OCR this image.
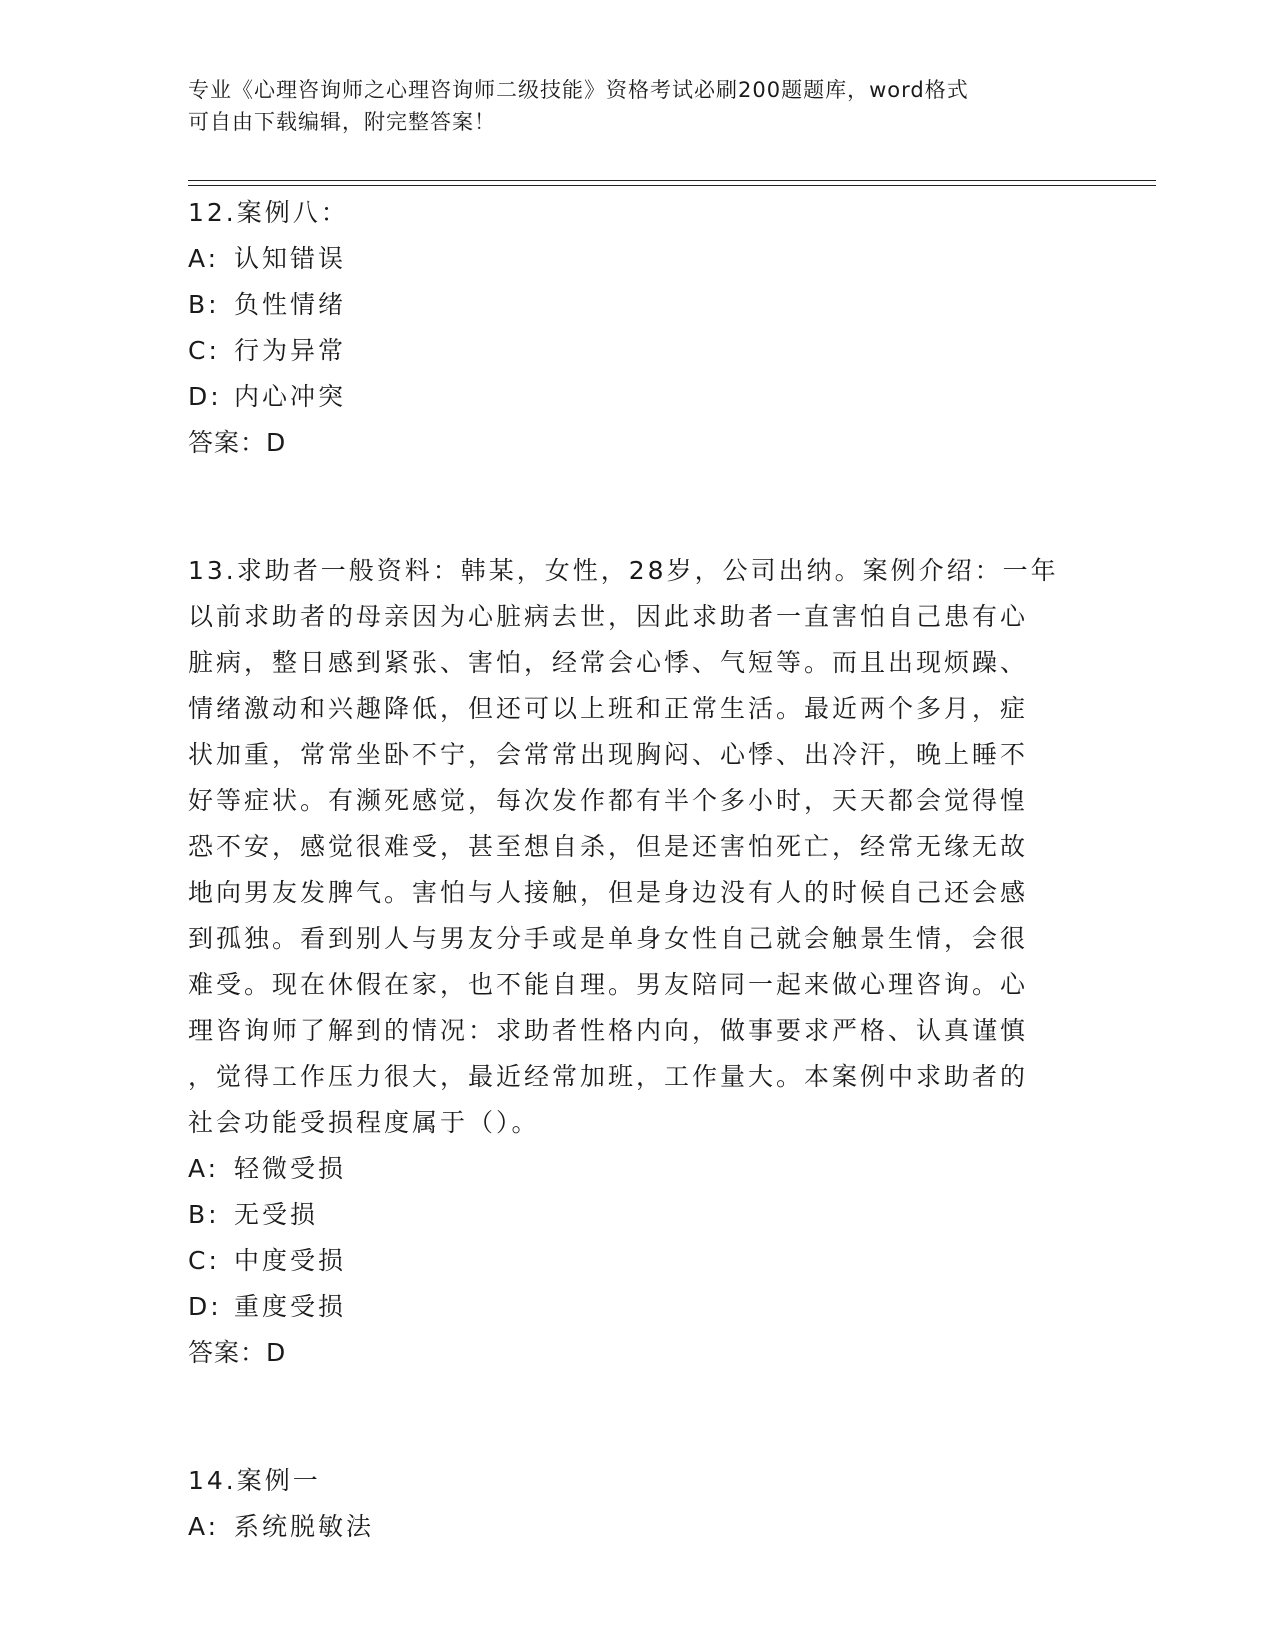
专业《心理咨询师之心理咨询师二级技能》资格考试必刷200题题库，word格式
可自由下载编辑，附完整答案！
12.案例八：
A: 认知错误
B: 负性情绪
C: 行为异常
D: 内心冲突
答案：D
13.求助者一般资料：韩某，女性，28岁，公司出纳。案例介绍：一年
以前求助者的母亲因为心脏病去世，因此求助者一直害怕自己患有心
脏病，整日感到紧张、害怕，经常会心悸、气短等。而且出现烦躁、
情绪激动和兴趣降低，但还可以上班和正常生活。最近两个多月，症
状加重，常常坐卧不宁，会常常出现胸闷、心悸、出冷汗，晚上睡不
好等症状。有濒死感觉，每次发作都有半个多小时，天天都会觉得惶
恐不安，感觉很难受，甚至想自杀，但是还害怕死亡，经常无缘无故
地向男友发脾气。害怕与人接触，但是身边没有人的时候自己还会感
到孤独。看到别人与男友分手或是单身女性自己就会触景生情，会很
难受。现在休假在家，也不能自理。男友陪同一起来做心理咨询。心
理咨询师了解到的情况：求助者性格内向，做事要求严格、认真谨慎
，觉得工作压力很大，最近经常加班，工作量大。本案例中求助者的
社会功能受损程度属于（）。
A: 轻微受损
B: 无受损
C: 中度受损
D: 重度受损
答案：D
14.案例一
A: 系统脱敏法
